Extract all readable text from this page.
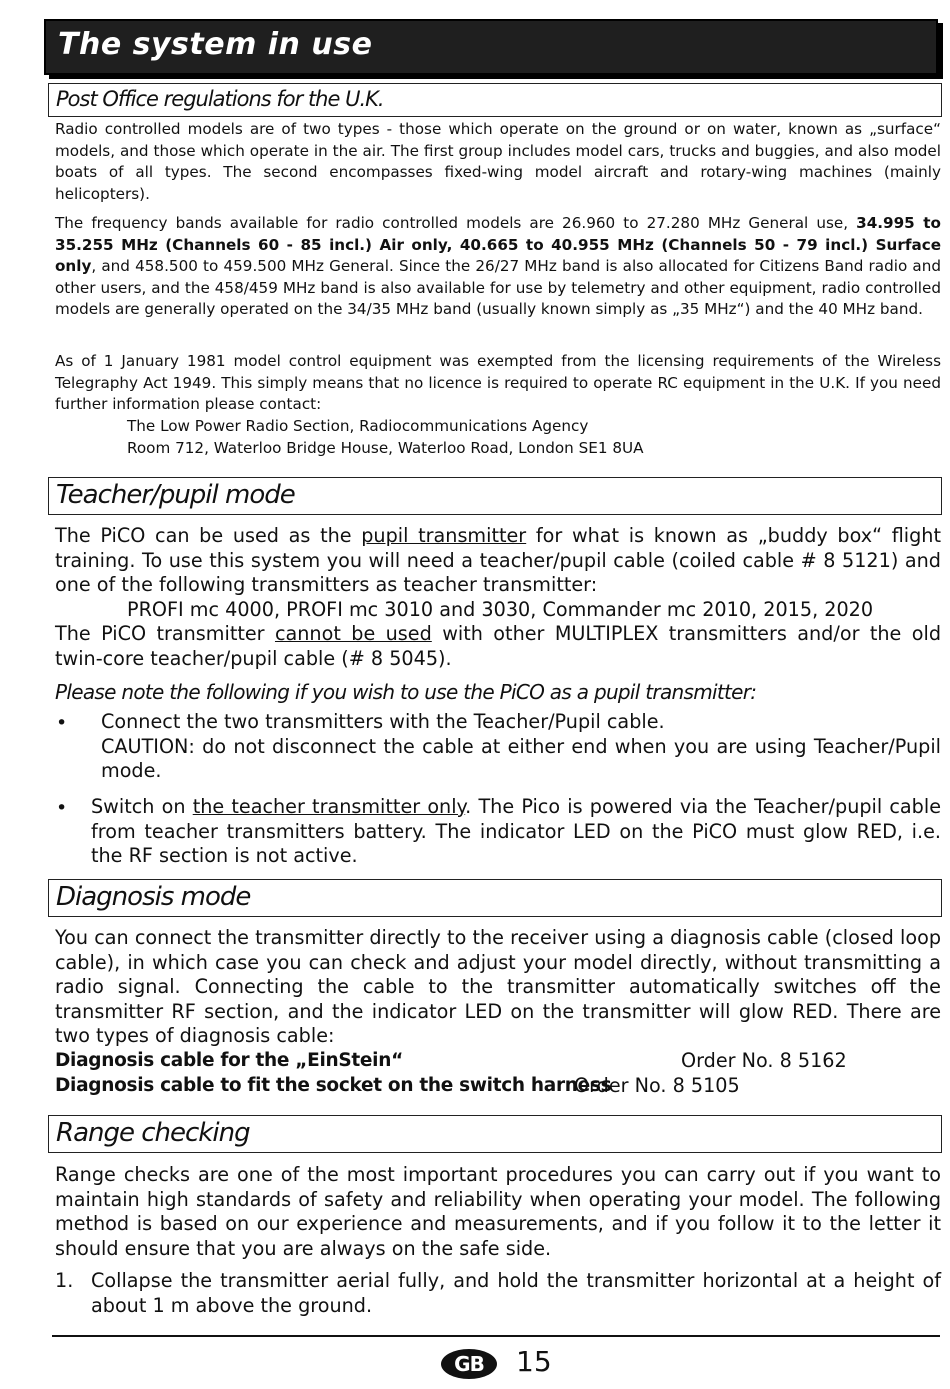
The system in use
Post Office regulations for the U.K.

Radio controlled models are of two types - those which operate on the ground or on water, known as „surface“ models, and those which operate in the air. The first group includes model cars, trucks and buggies, and also model boats of all types. The second encompasses fixed-wing model aircraft and rotary-wing machines (mainly helicopters).

The frequency bands available for radio controlled models are 26.960 to 27.280 MHz General use, 34.995 to 35.255 MHz (Channels 60 - 85 incl.) Air only, 40.665 to 40.955 MHz (Channels 50 - 79 incl.) Surface only, and 458.500 to 459.500 MHz General. Since the 26/27 MHz band is also allocated for Citizens Band radio and other users, and the 458/459 MHz band is also available for use by telemetry and other equipment, radio controlled models are generally operated on the 34/35 MHz band (usually known simply as „35 MHz“) and the 40 MHz band.

As of 1 January 1981 model control equipment was exempted from the licensing requirements of the Wireless Telegraphy Act 1949. This simply means that no licence is required to operate RC equipment in the U.K. If you need further information please contact:

The Low Power Radio Section, Radiocommunications Agency
Room 712, Waterloo Bridge House, Waterloo Road, London SE1 8UA
Teacher/pupil mode

The PiCO can be used as the pupil transmitter for what is known as „buddy box“ flight training. To use this system you will need a teacher/pupil cable (coiled cable # 8 5121) and one of the following transmitters as teacher transmitter:

PROFI mc 4000, PROFI mc 3010 and 3030, Commander mc 2010, 2015, 2020

The PiCO transmitter cannot be used with other MULTIPLEX transmitters and/or the old twin-core teacher/pupil cable (# 8 5045).

Please note the following if you wish to use the PiCO as a pupil transmitter:
• Connect the two transmitters with the Teacher/Pupil cable.
CAUTION: do not disconnect the cable at either end when you are using Teacher/Pupil mode.
• Switch on the teacher transmitter only. The Pico is powered via the Teacher/pupil cable from teacher transmitters battery. The indicator LED on the PiCO must glow RED, i.e. the RF section is not active.

Diagnosis mode

You can connect the transmitter directly to the receiver using a diagnosis cable (closed loop cable), in which case you can check and adjust your model directly, without transmitting a radio signal. Connecting the cable to the transmitter automatically switches off the transmitter RF section, and the indicator LED on the transmitter will glow RED. There are two types of diagnosis cable:

Diagnosis cable for the „EinStein“	Order No. 8 5162
Diagnosis cable to fit the socket on the switch harness
Order No. 8 5105
Range checking

Range checks are one of the most important procedures you can carry out if you want to maintain high standards of safety and reliability when operating your model. The following method is based on our experience and measurements, and if you follow it to the letter it should ensure that you are always on the safe side.

1. Collapse the transmitter aerial fully, and hold the transmitter horizontal at a height of about 1 m above the ground.

GB	15
